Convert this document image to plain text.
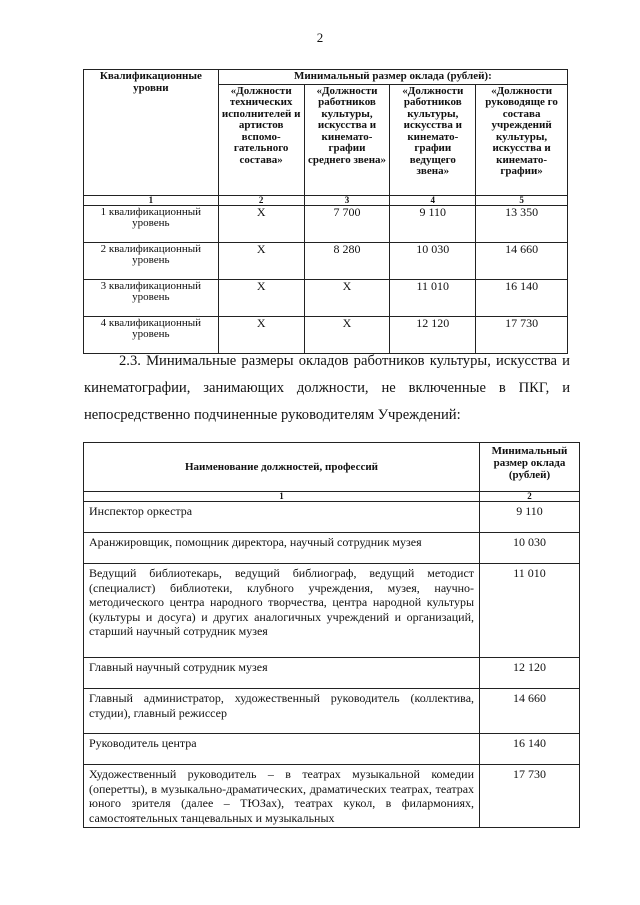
2
Квалификационные уровни	Минимальный размер оклада (рублей):			
	«Должности технических исполнителей и артистов вспомо-гательного состава»	«Должности работников культуры, искусства и кинемато-графии среднего звена»	«Должности работников культуры, искусства и кинемато-графии ведущего звена»	«Должности руководяще го состава учреждений культуры, искусства и кинемато-графии»
1	2	3	4	5
1 квалификационный уровень	X	7 700	9 110	13 350
2 квалификационный уровень	X	8 280	10 030	14 660
3 квалификационный уровень	X	X	11 010	16 140
4 квалификационный уровень	X	X	12 120	17 730

2.3. Минимальные размеры окладов работников культуры, искусства и кинематографии, занимающих должности, не включенные в ПКГ, и непосредственно подчиненные руководителям Учреждений:

Наименование должностей, профессий	Минимальный размер оклада (рублей)
1	2
Инспектор оркестра	9 110
Аранжировщик, помощник директора, научный сотрудник музея	10 030
Ведущий библиотекарь, ведущий библиограф, ведущий методист (специалист) библиотеки, клубного учреждения, музея, научно-методического центра народного творчества, центра народной культуры (культуры и досуга) и других аналогичных учреждений и организаций, старший научный сотрудник музея	11 010
Главный научный сотрудник музея	12 120
Главный администратор, художественный руководитель (коллектива, студии), главный режиссер	14 660
Руководитель центра	16 140
Художественный руководитель – в театрах музыкальной комедии (оперетты), в музыкально-драматических, драматических театрах, театрах юного зрителя (далее – ТЮЗах), театрах кукол, в филармониях, самостоятельных танцевальных и музыкальных	17 730
